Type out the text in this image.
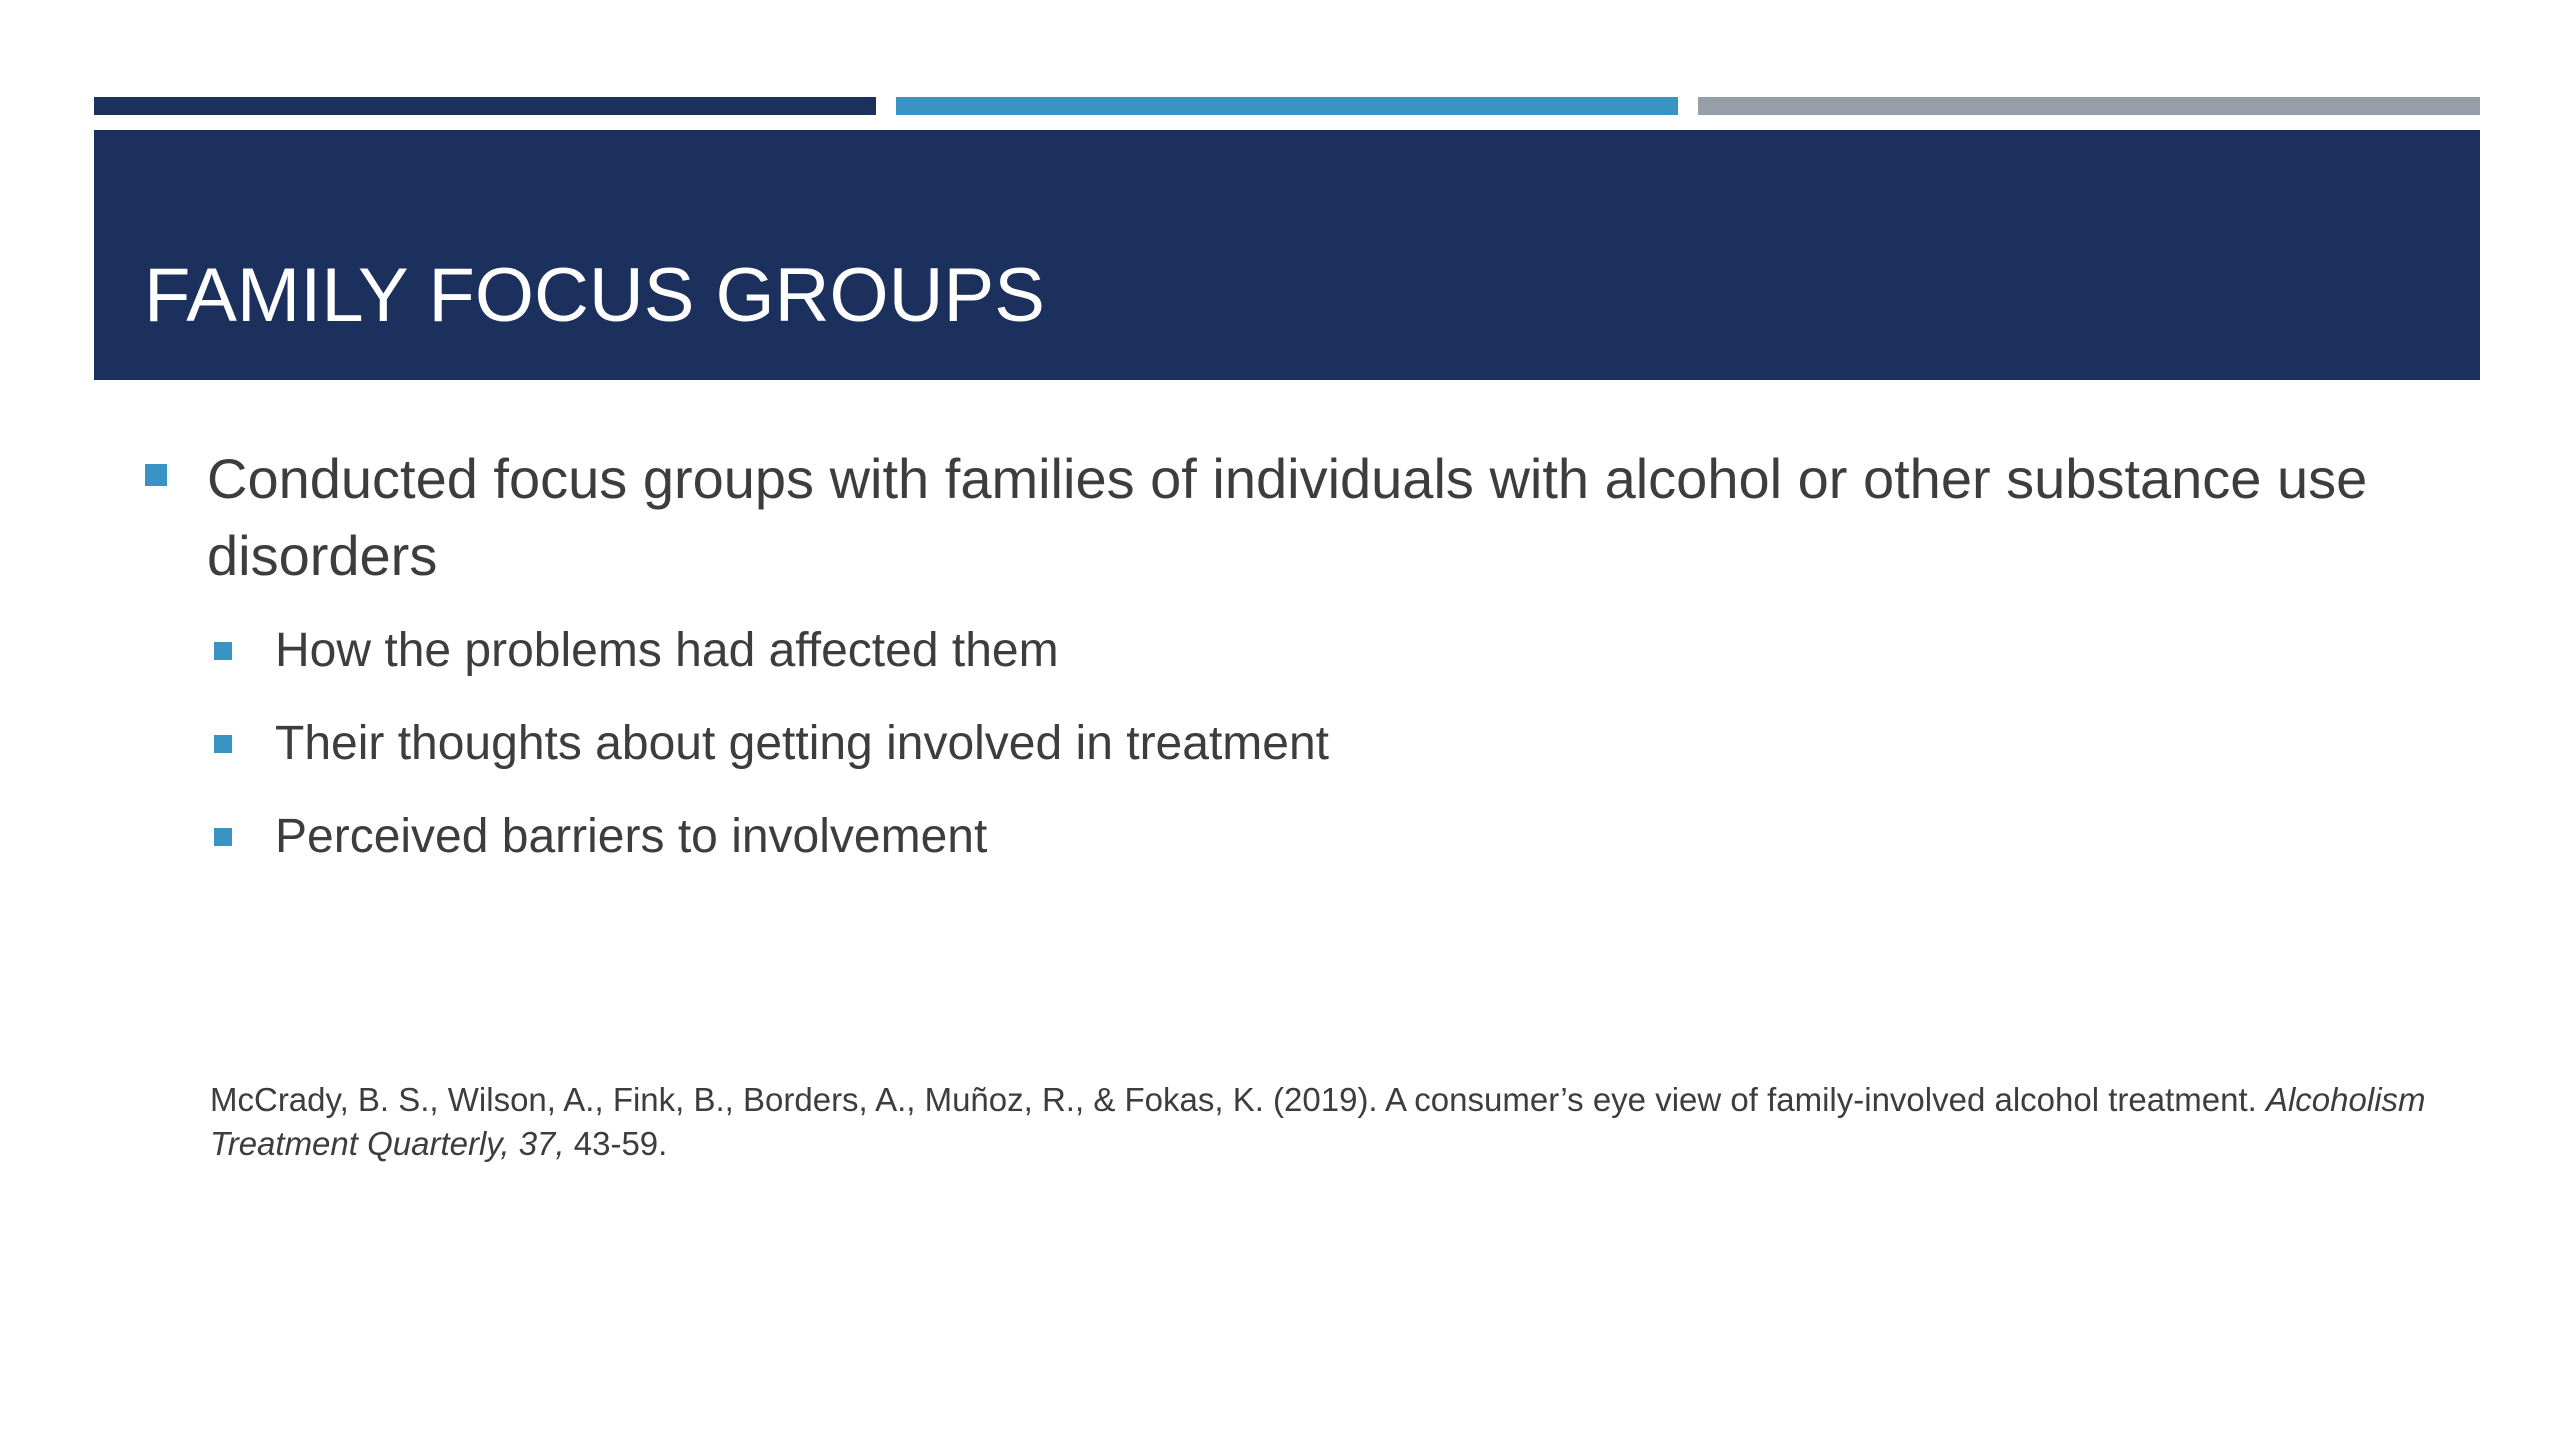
FAMILY FOCUS GROUPS
Conducted focus groups with families of individuals with alcohol or other substance use disorders
How the problems had affected them
Their thoughts about getting involved in treatment
Perceived barriers to involvement
McCrady, B. S., Wilson, A., Fink, B., Borders, A., Muñoz, R., & Fokas, K. (2019). A consumer’s eye view of family-involved alcohol treatment. Alcoholism Treatment Quarterly, 37, 43-59.
